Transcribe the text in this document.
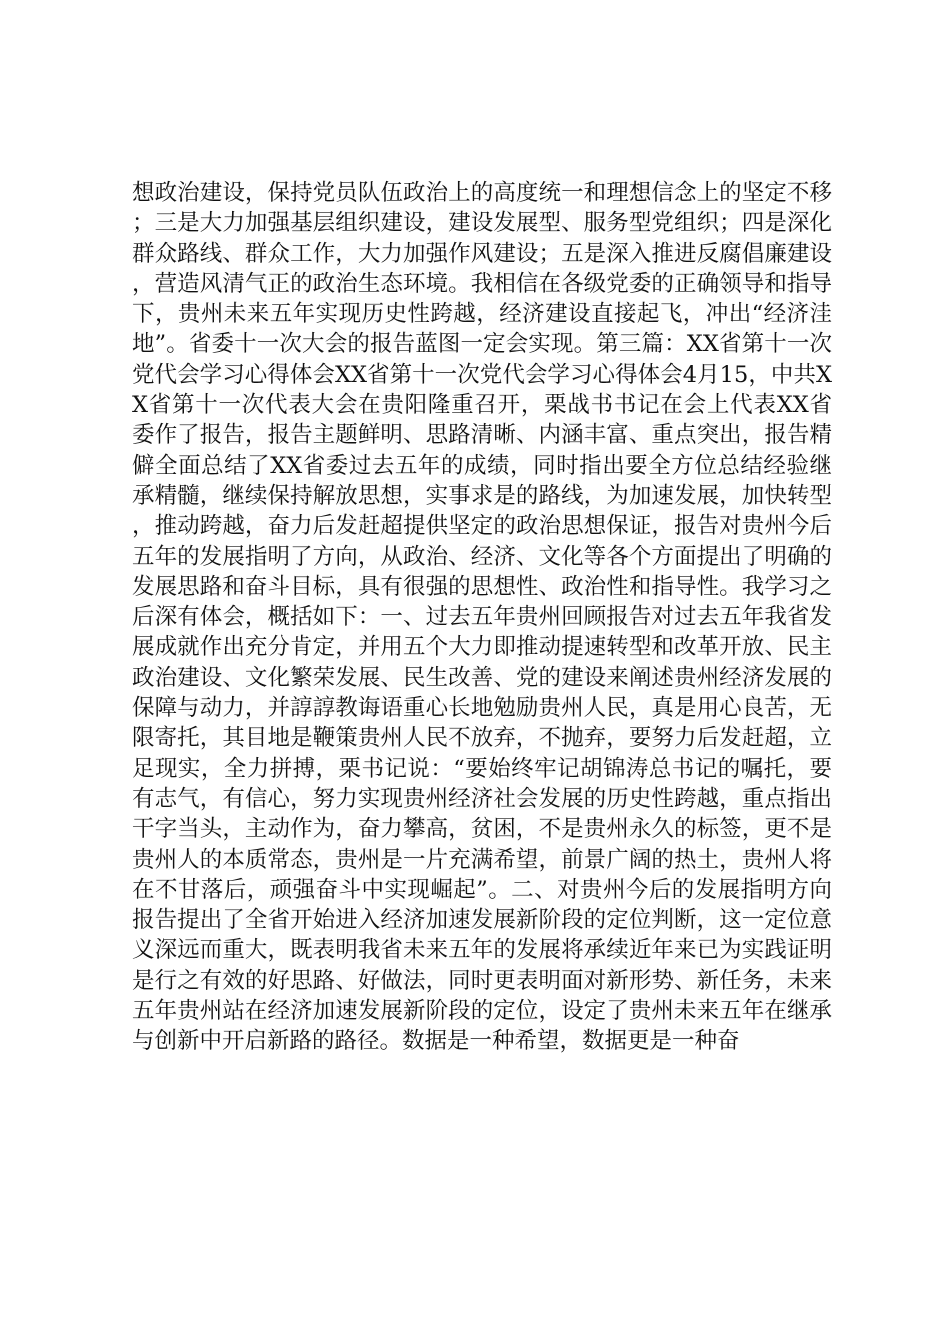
想政治建设，保持党员队伍政治上的高度统一和理想信念上的坚定不移；三是大力加强基层组织建设，建设发展型、服务型党组织；四是深化群众路线、群众工作，大力加强作风建设；五是深入推进反腐倡廉建设，营造风清气正的政治生态环境。我相信在各级党委的正确领导和指导下，贵州未来五年实现历史性跨越，经济建设直接起飞，冲出“经济洼地”。省委十一次大会的报告蓝图一定会实现。第三篇：XX省第十一次党代会学习心得体会XX省第十一次党代会学习心得体会4月15，中共XX省第十一次代表大会在贵阳隆重召开，栗战书书记在会上代表XX省委作了报告，报告主题鲜明、思路清晰、内涵丰富、重点突出，报告精僻全面总结了XX省委过去五年的成绩，同时指出要全方位总结经验继承精髓，继续保持解放思想，实事求是的路线，为加速发展，加快转型，推动跨越，奋力后发赶超提供坚定的政治思想保证，报告对贵州今后五年的发展指明了方向，从政治、经济、文化等各个方面提出了明确的发展思路和奋斗目标，具有很强的思想性、政治性和指导性。我学习之后深有体会，概括如下：一、过去五年贵州回顾报告对过去五年我省发展成就作出充分肯定，并用五个大力即推动提速转型和改革开放、民主政治建设、文化繁荣发展、民生改善、党的建设来阐述贵州经济发展的保障与动力，并諄諄教诲语重心长地勉励贵州人民，真是用心良苦，无限寄托，其目地是鞭策贵州人民不放弃，不抛弃，要努力后发赶超，立足现实，全力拼搏，栗书记说：“要始终牢记胡锦涛总书记的嘱托，要有志气，有信心，努力实现贵州经济社会发展的历史性跨越，重点指出干字当头，主动作为，奋力攀高，贫困，不是贵州永久的标签，更不是贵州人的本质常态，贵州是一片充满希望，前景广阔的热土，贵州人将在不甘落后，顽强奋斗中实现崛起”。二、对贵州今后的发展指明方向报告提出了全省开始进入经济加速发展新阶段的定位判断，这一定位意义深远而重大，既表明我省未来五年的发展将承续近年来已为实践证明是行之有效的好思路、好做法，同时更表明面对新形势、新任务，未来五年贵州站在经济加速发展新阶段的定位，设定了贵州未来五年在继承与创新中开启新路的路径。数据是一种希望，数据更是一种奋
